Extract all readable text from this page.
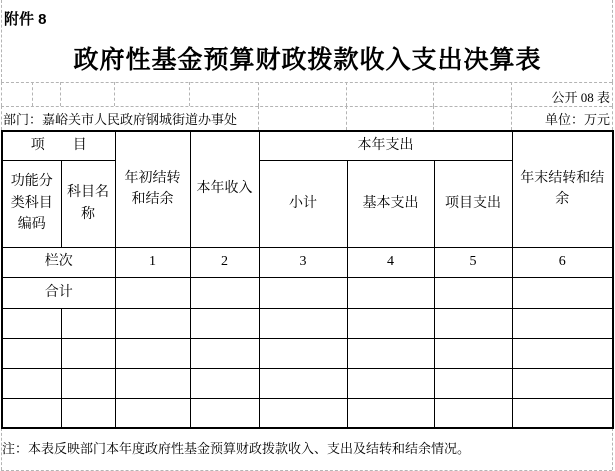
附件 8
政府性基金预算财政拨款收入支出决算表
公开 08 表
部门：嘉峪关市人民政府钢城街道办事处	单位：万元
项　　目		年初结转和结余	本年收入	本年支出			年末结转和结余
功能分类科目编码	科目名称			小计	基本支出	项目支出	
栏次		1	2	3	4	5	6
合计							

注：本表反映部门本年度政府性基金预算财政拨款收入、支出及结转和结余情况。
